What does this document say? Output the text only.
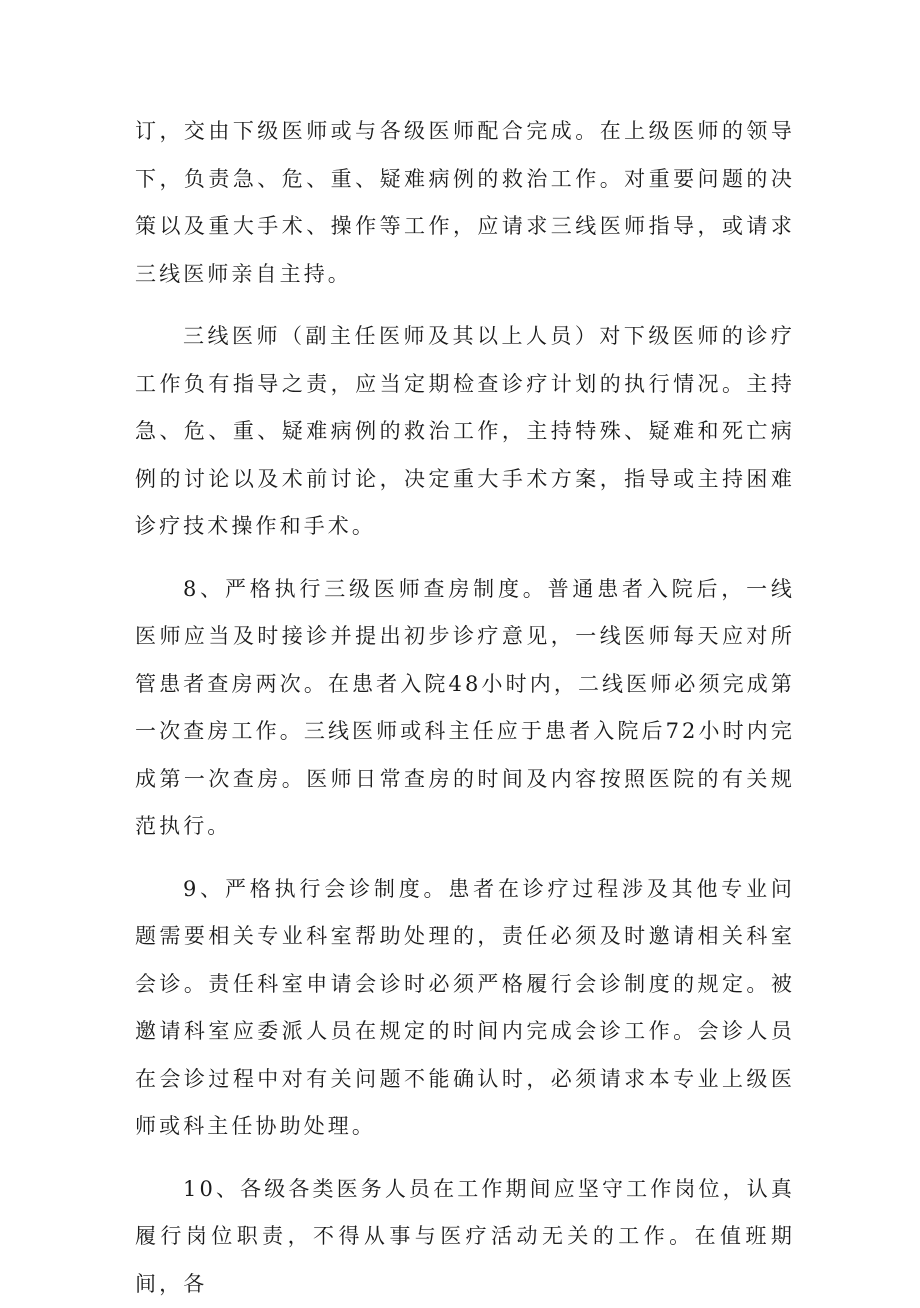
订，交由下级医师或与各级医师配合完成。在上级医师的领导下，负责急、危、重、疑难病例的救治工作。对重要问题的决策以及重大手术、操作等工作，应请求三线医师指导，或请求三线医师亲自主持。

三线医师（副主任医师及其以上人员）对下级医师的诊疗工作负有指导之责，应当定期检查诊疗计划的执行情况。主持急、危、重、疑难病例的救治工作，主持特殊、疑难和死亡病例的讨论以及术前讨论，决定重大手术方案，指导或主持困难诊疗技术操作和手术。

8、严格执行三级医师查房制度。普通患者入院后，一线医师应当及时接诊并提出初步诊疗意见，一线医师每天应对所管患者查房两次。在患者入院48小时内，二线医师必须完成第一次查房工作。三线医师或科主任应于患者入院后72小时内完成第一次查房。医师日常查房的时间及内容按照医院的有关规范执行。

9、严格执行会诊制度。患者在诊疗过程涉及其他专业问题需要相关专业科室帮助处理的，责任必须及时邀请相关科室会诊。责任科室申请会诊时必须严格履行会诊制度的规定。被邀请科室应委派人员在规定的时间内完成会诊工作。会诊人员在会诊过程中对有关问题不能确认时，必须请求本专业上级医师或科主任协助处理。

10、各级各类医务人员在工作期间应坚守工作岗位，认真履行岗位职责，不得从事与医疗活动无关的工作。在值班期间，各
